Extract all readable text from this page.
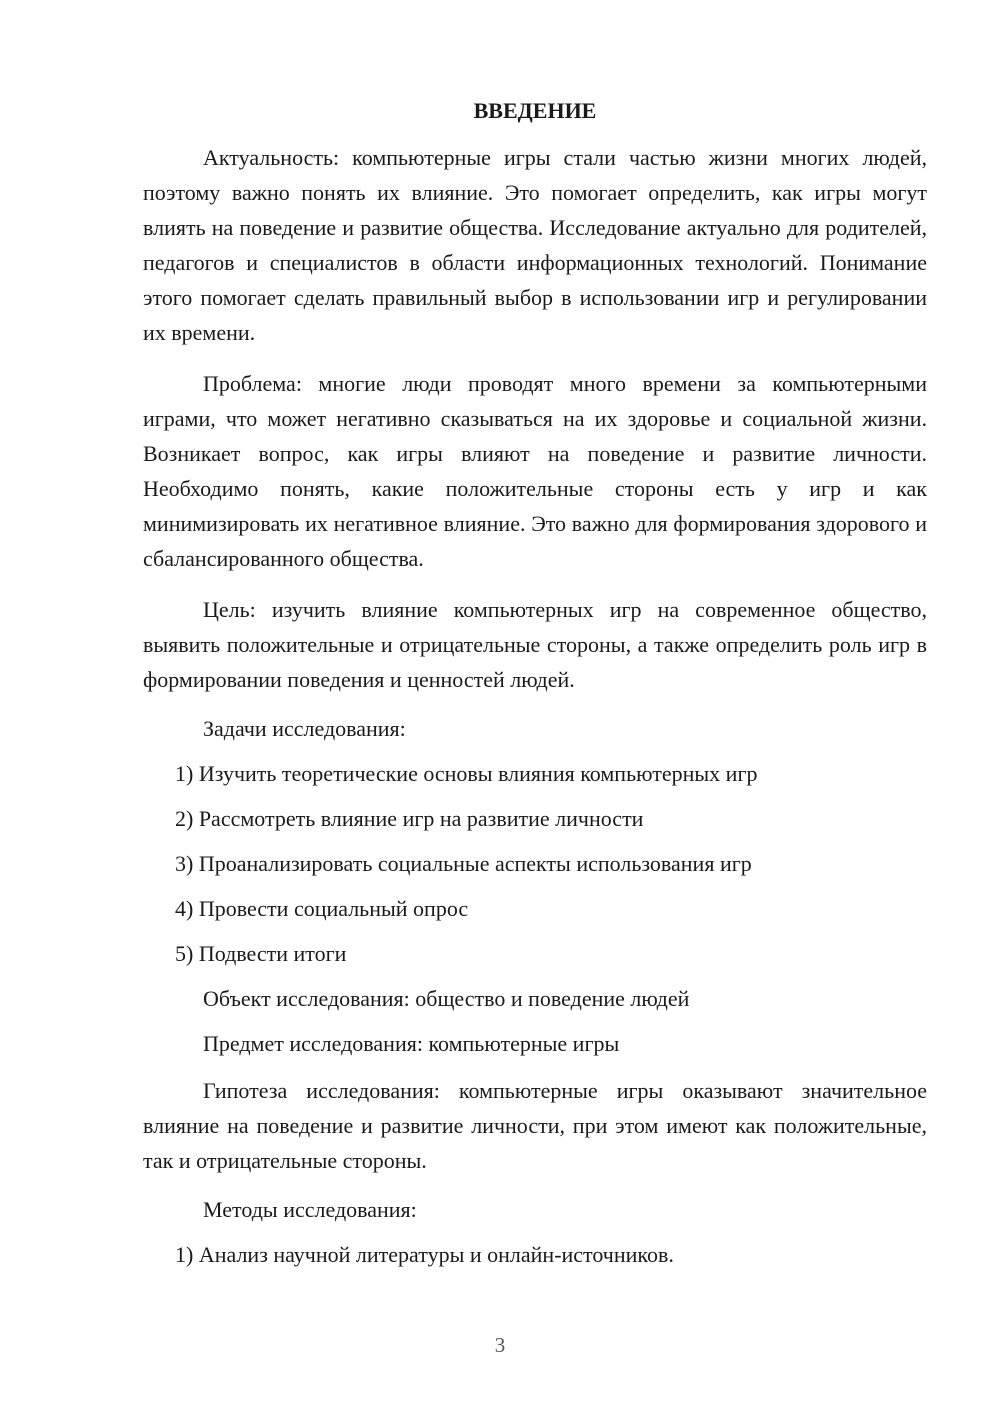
ВВЕДЕНИЕ

Актуальность: компьютерные игры стали частью жизни многих людей, поэтому важно понять их влияние. Это помогает определить, как игры могут влиять на поведение и развитие общества. Исследование актуально для родителей, педагогов и специалистов в области информационных технологий. Понимание этого помогает сделать правильный выбор в использовании игр и регулировании их времени.

Проблема: многие люди проводят много времени за компьютерными играми, что может негативно сказываться на их здоровье и социальной жизни. Возникает вопрос, как игры влияют на поведение и развитие личности. Необходимо понять, какие положительные стороны есть у игр и как минимизировать их негативное влияние. Это важно для формирования здорового и сбалансированного общества.

Цель: изучить влияние компьютерных игр на современное общество, выявить положительные и отрицательные стороны, а также определить роль игр в формировании поведения и ценностей людей.

Задачи исследования:
1) Изучить теоретические основы влияния компьютерных игр
2) Рассмотреть влияние игр на развитие личности
3) Проанализировать социальные аспекты использования игр
4) Провести социальный опрос
5) Подвести итоги
Объект исследования: общество и поведение людей
Предмет исследования: компьютерные игры

Гипотеза исследования: компьютерные игры оказывают значительное влияние на поведение и развитие личности, при этом имеют как положительные, так и отрицательные стороны.

Методы исследования:
1) Анализ научной литературы и онлайн-источников.
3
